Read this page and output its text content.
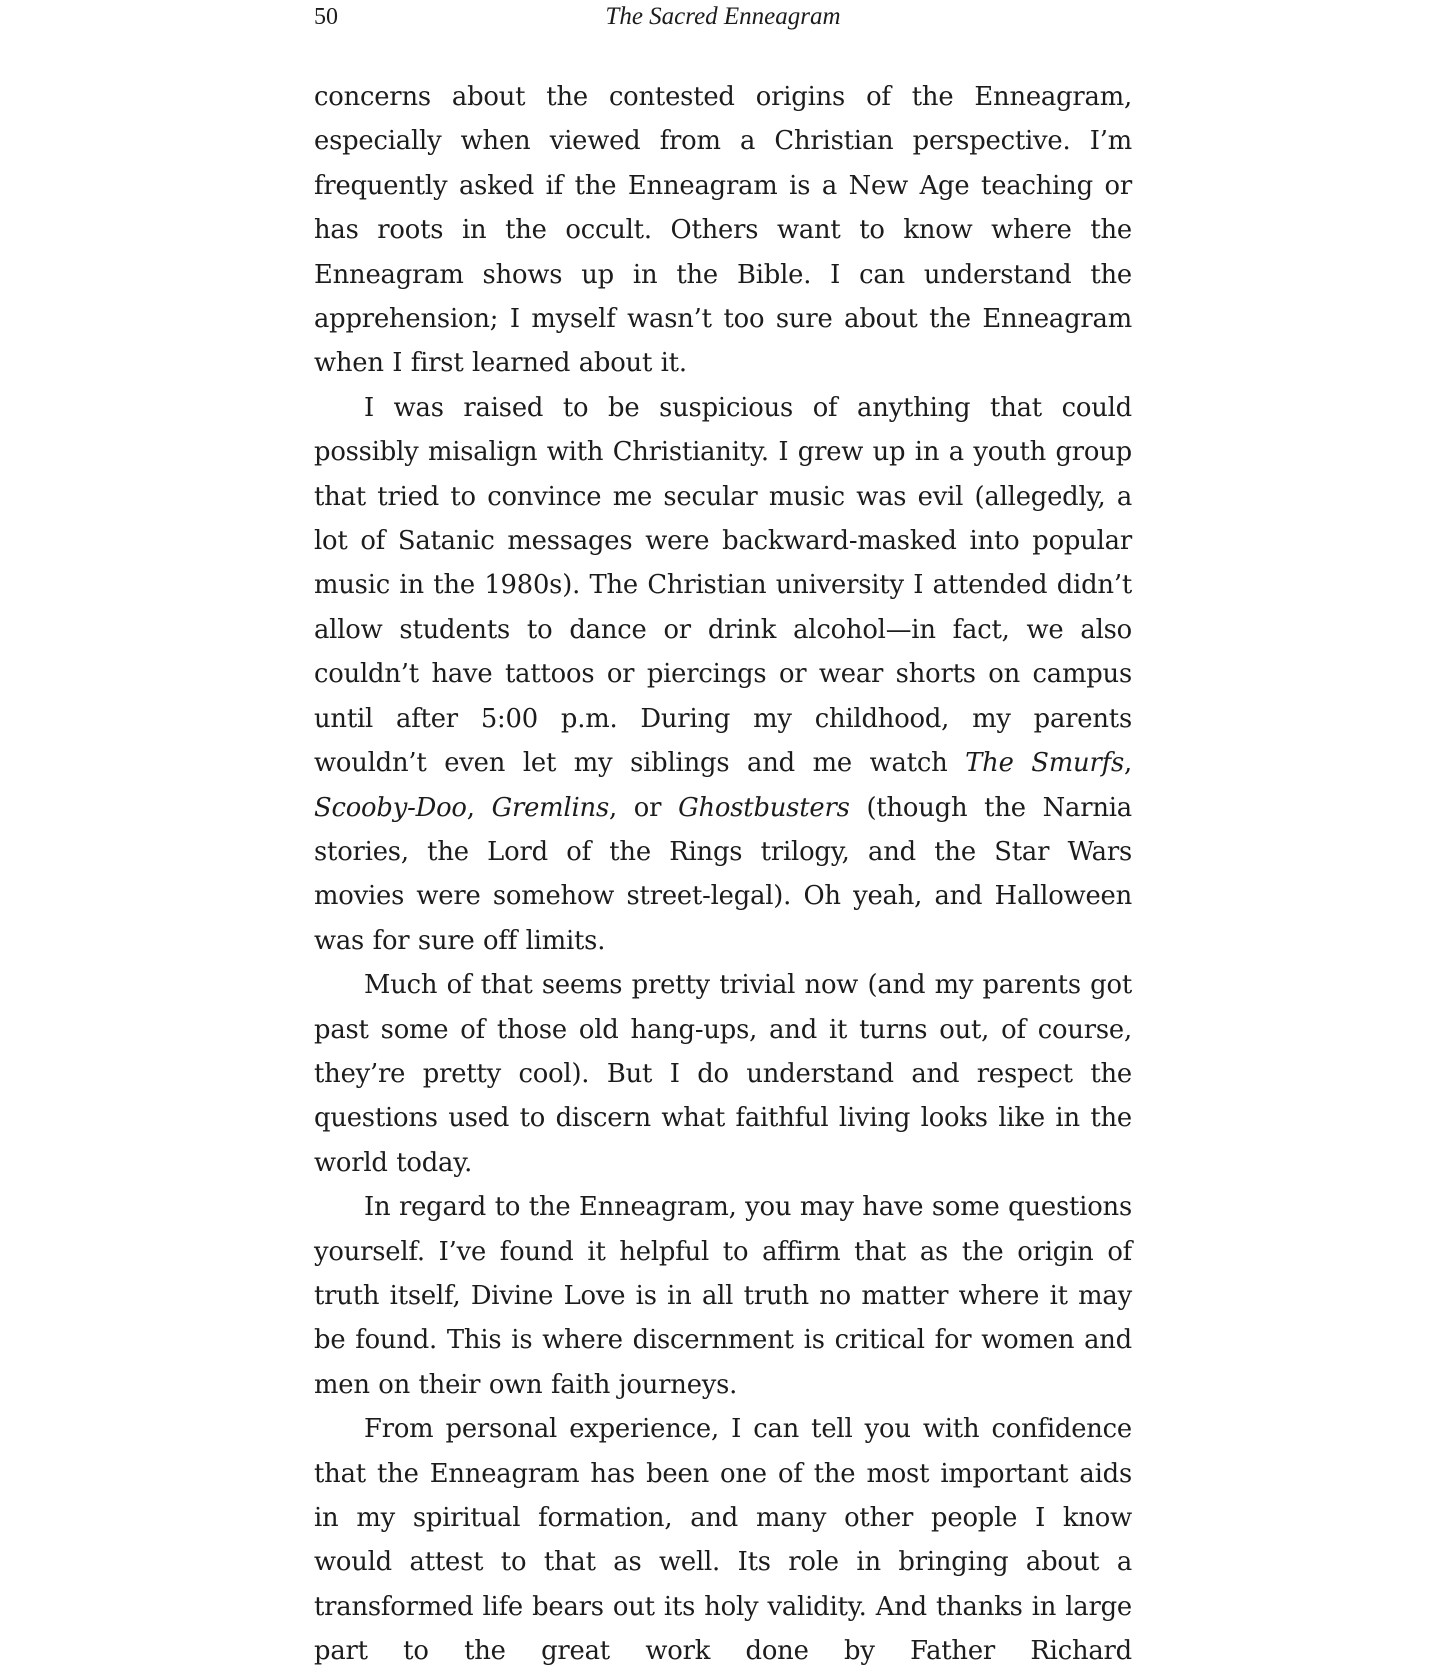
50	The Sacred Enneagram

concerns about the contested origins of the Enneagram, especially when viewed from a Christian perspective. I’m frequently asked if the Enneagram is a New Age teaching or has roots in the occult. Others want to know where the Enneagram shows up in the Bible. I can understand the apprehension; I myself wasn’t too sure about the Enneagram when I first learned about it.

I was raised to be suspicious of anything that could possibly misalign with Christianity. I grew up in a youth group that tried to convince me secular music was evil (allegedly, a lot of Satanic messages were backward-masked into popular music in the 1980s). The Christian university I attended didn’t allow students to dance or drink alcohol—in fact, we also couldn’t have tattoos or piercings or wear shorts on campus until after 5:00 p.m. During my childhood, my parents wouldn’t even let my siblings and me watch The Smurfs, Scooby-Doo, Gremlins, or Ghostbusters (though the Narnia stories, the Lord of the Rings trilogy, and the Star Wars movies were somehow street-legal). Oh yeah, and Halloween was for sure off limits.

Much of that seems pretty trivial now (and my parents got past some of those old hang-ups, and it turns out, of course, they’re pretty cool). But I do understand and respect the questions used to discern what faithful living looks like in the world today.

In regard to the Enneagram, you may have some questions yourself. I’ve found it helpful to affirm that as the origin of truth itself, Divine Love is in all truth no matter where it may be found. This is where discernment is critical for women and men on their own faith journeys.

From personal experience, I can tell you with confidence that the Enneagram has been one of the most important aids in my spiritual formation, and many other people I know would attest to that as well. Its role in bringing about a transformed life bears out its holy validity. And thanks in large part to the great work done by Father Richard
